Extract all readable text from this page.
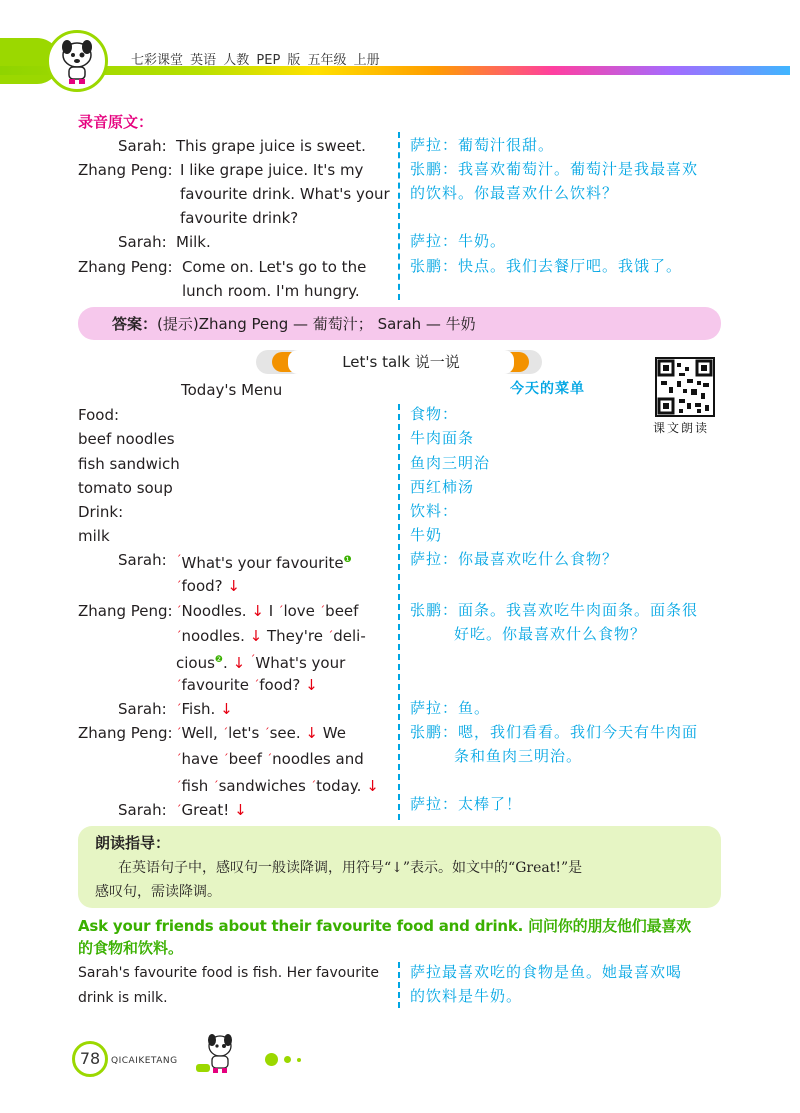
七彩课堂 英语 人教 PEP 版 五年级 上册
录音原文：
Sarah: This grape juice is sweet.
Zhang Peng: I like grape juice. It's my
favourite drink. What's your
favourite drink?
Sarah: Milk.
Zhang Peng: Come on. Let's go to the
lunch room. I'm hungry.
萨拉：葡萄汁很甜。
张鹏：我喜欢葡萄汁。葡萄汁是我最喜欢
的饮料。你最喜欢什么饮料？
萨拉：牛奶。
张鹏：快点。我们去餐厅吧。我饿了。
答案：(提示)Zhang Peng — 葡萄汁； Sarah — 牛奶
Let's talk 说一说
课文朗读
Today's Menu	今天的菜单
Food:
beef noodles
fish sandwich
tomato soup
Drink:
milk
食物：
牛肉面条
鱼肉三明治
西红柿汤
饮料：
牛奶
Sarah: $^ˊ$What's your favourite$^❶$
$^ˊ$food? ↓
Zhang Peng: $^ˊ$Noodles. ↓ I $^ˊ$love $^ˊ$beef
$^ˊ$noodles. ↓ They're $^ˊ$deli-
cious$^❷$. ↓ $^ˊ$What's your
$^ˊ$favourite $^ˊ$food? ↓
Sarah: $^ˊ$Fish. ↓
Zhang Peng: $^ˊ$Well, $^ˊ$let's $^ˊ$see. ↓ We
$^ˊ$have $^ˊ$beef $^ˊ$noodles and
$^ˊ$fish $^ˊ$sandwiches $^ˊ$today. ↓
Sarah: $^ˊ$Great! ↓
萨拉：你最喜欢吃什么食物？
张鹏：面条。我喜欢吃牛肉面条。面条很
好吃。你最喜欢什么食物？
萨拉：鱼。
张鹏：嗯，我们看看。我们今天有牛肉面
条和鱼肉三明治。
萨拉：太棒了！
朗读指导：
在英语句子中，感叹句一般读降调，用符号“↓”表示。如文中的“Great!”是
感叹句，需读降调。
Ask your friends about their favourite food and drink. 问问你的朋友他们最喜欢
的食物和饮料。
Sarah's favourite food is fish. Her favourite
drink is milk.
萨拉最喜欢吃的食物是鱼。她最喜欢喝
的饮料是牛奶。
78	QICAIKETANG
